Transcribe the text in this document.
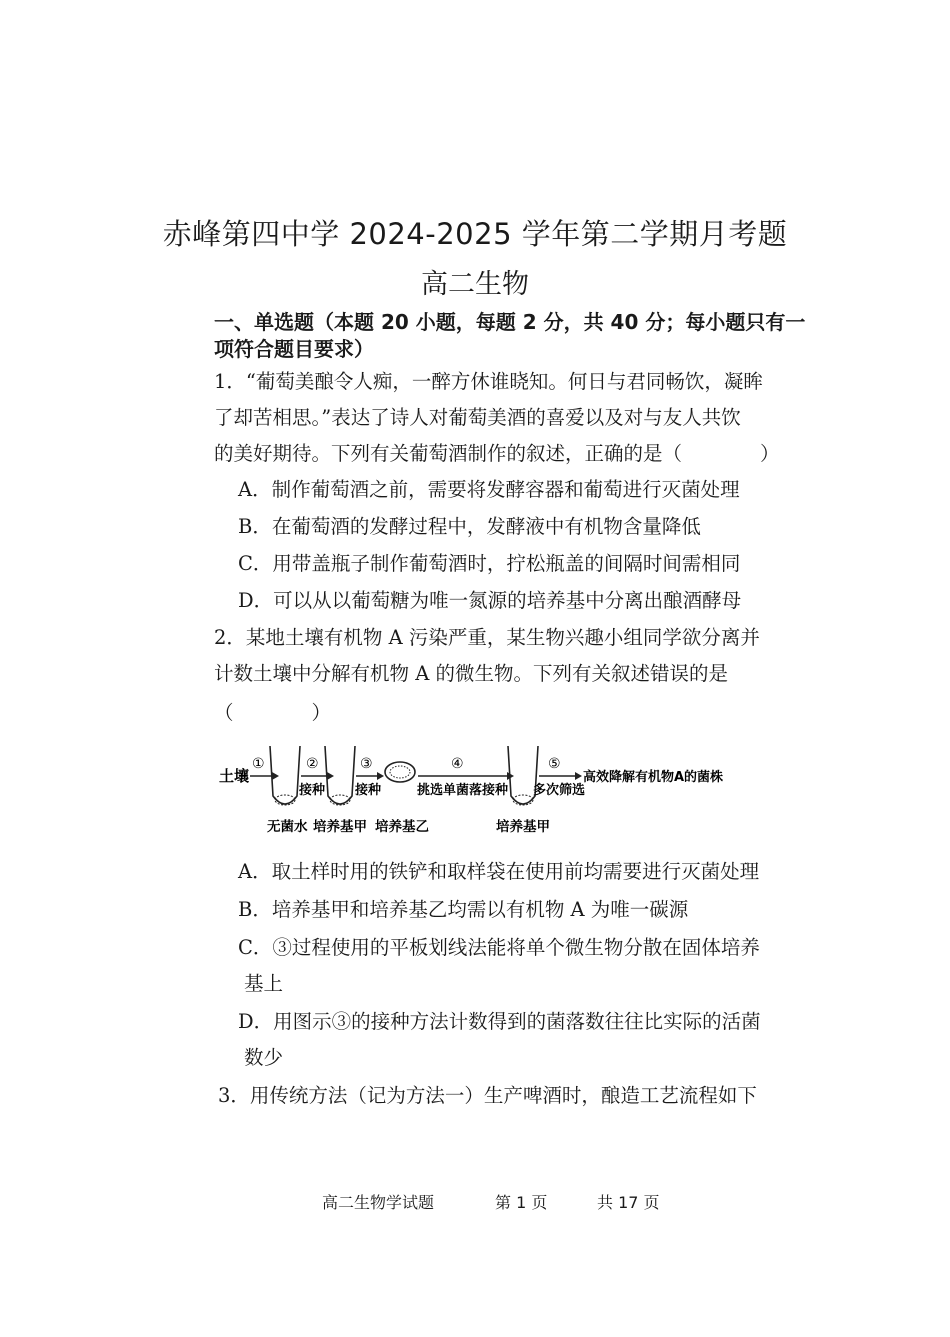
赤峰第四中学 2024-2025 学年第二学期月考题
高二生物
一、单选题（本题 20 小题，每题 2 分，共 40 分；每小题只有一
项符合题目要求）
1．“葡萄美酿令人痴，一醉方休谁晓知。何日与君同畅饮，凝眸
了却苦相思。”表达了诗人对葡萄美酒的喜爱以及对与友人共饮
的美好期待。下列有关葡萄酒制作的叙述，正确的是（　　　　）
A．制作葡萄酒之前，需要将发酵容器和葡萄进行灭菌处理
B．在葡萄酒的发酵过程中，发酵液中有机物含量降低
C．用带盖瓶子制作葡萄酒时，拧松瓶盖的间隔时间需相同
D．可以从以葡萄糖为唯一氮源的培养基中分离出酿酒酵母
2．某地土壤有机物 A 污染严重，某生物兴趣小组同学欲分离并
计数土壤中分解有机物 A 的微生物。下列有关叙述错误的是
（　　　　）
土壤
①	②
接种
③
接种
④
挑选单菌落接种
⑤
多次筛选
高效降解有机物A的菌株
无菌水 培养基甲 培养基乙	培养基甲
A．取土样时用的铁铲和取样袋在使用前均需要进行灭菌处理
B．培养基甲和培养基乙均需以有机物 A 为唯一碳源
C．③过程使用的平板划线法能将单个微生物分散在固体培养
基上
D．用图示③的接种方法计数得到的菌落数往往比实际的活菌
数少
3．用传统方法（记为方法一）生产啤酒时，酿造工艺流程如下
高二生物学试题	第 1 页	共 17 页
